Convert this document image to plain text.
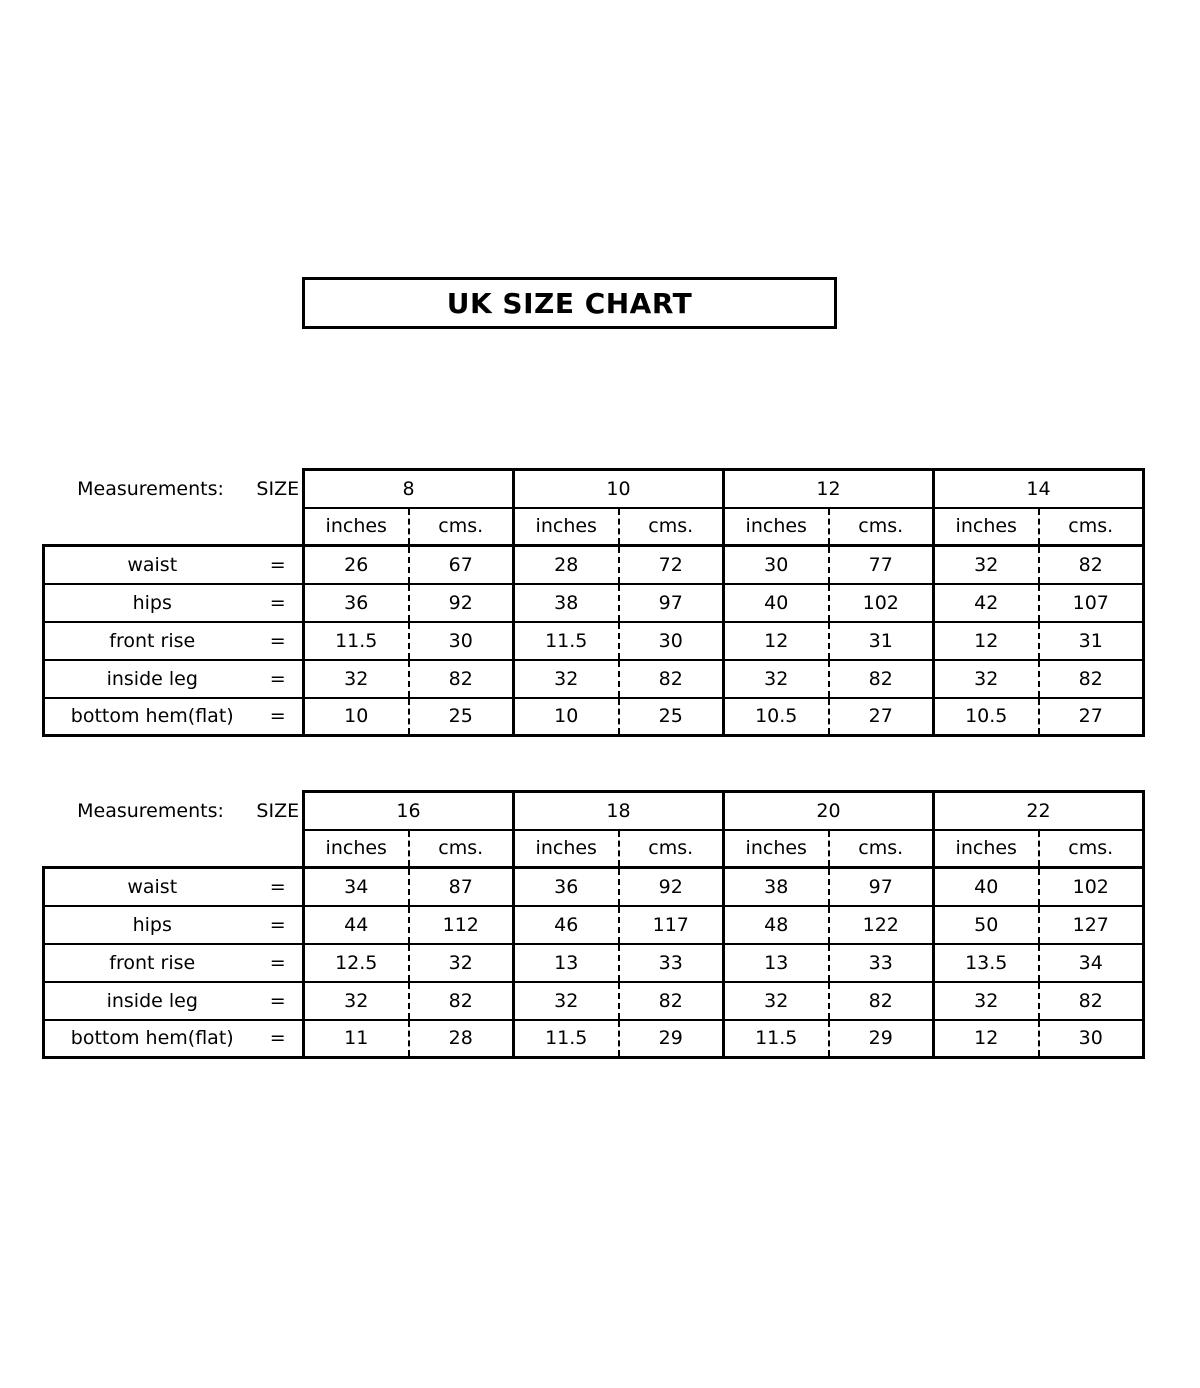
UK SIZE CHART
Measurements:	SIZE	8		10		12		14	
		inches	cms.	inches	cms.	inches	cms.	inches	cms.
waist	=	26	67	28	72	30	77	32	82
hips	=	36	92	38	97	40	102	42	107
front rise	=	11.5	30	11.5	30	12	31	12	31
inside leg	=	32	82	32	82	32	82	32	82
bottom hem(flat)	=	10	25	10	25	10.5	27	10.5	27
Measurements:	SIZE	16		18		20		22	
		inches	cms.	inches	cms.	inches	cms.	inches	cms.
waist	=	34	87	36	92	38	97	40	102
hips	=	44	112	46	117	48	122	50	127
front rise	=	12.5	32	13	33	13	33	13.5	34
inside leg	=	32	82	32	82	32	82	32	82
bottom hem(flat)	=	11	28	11.5	29	11.5	29	12	30
